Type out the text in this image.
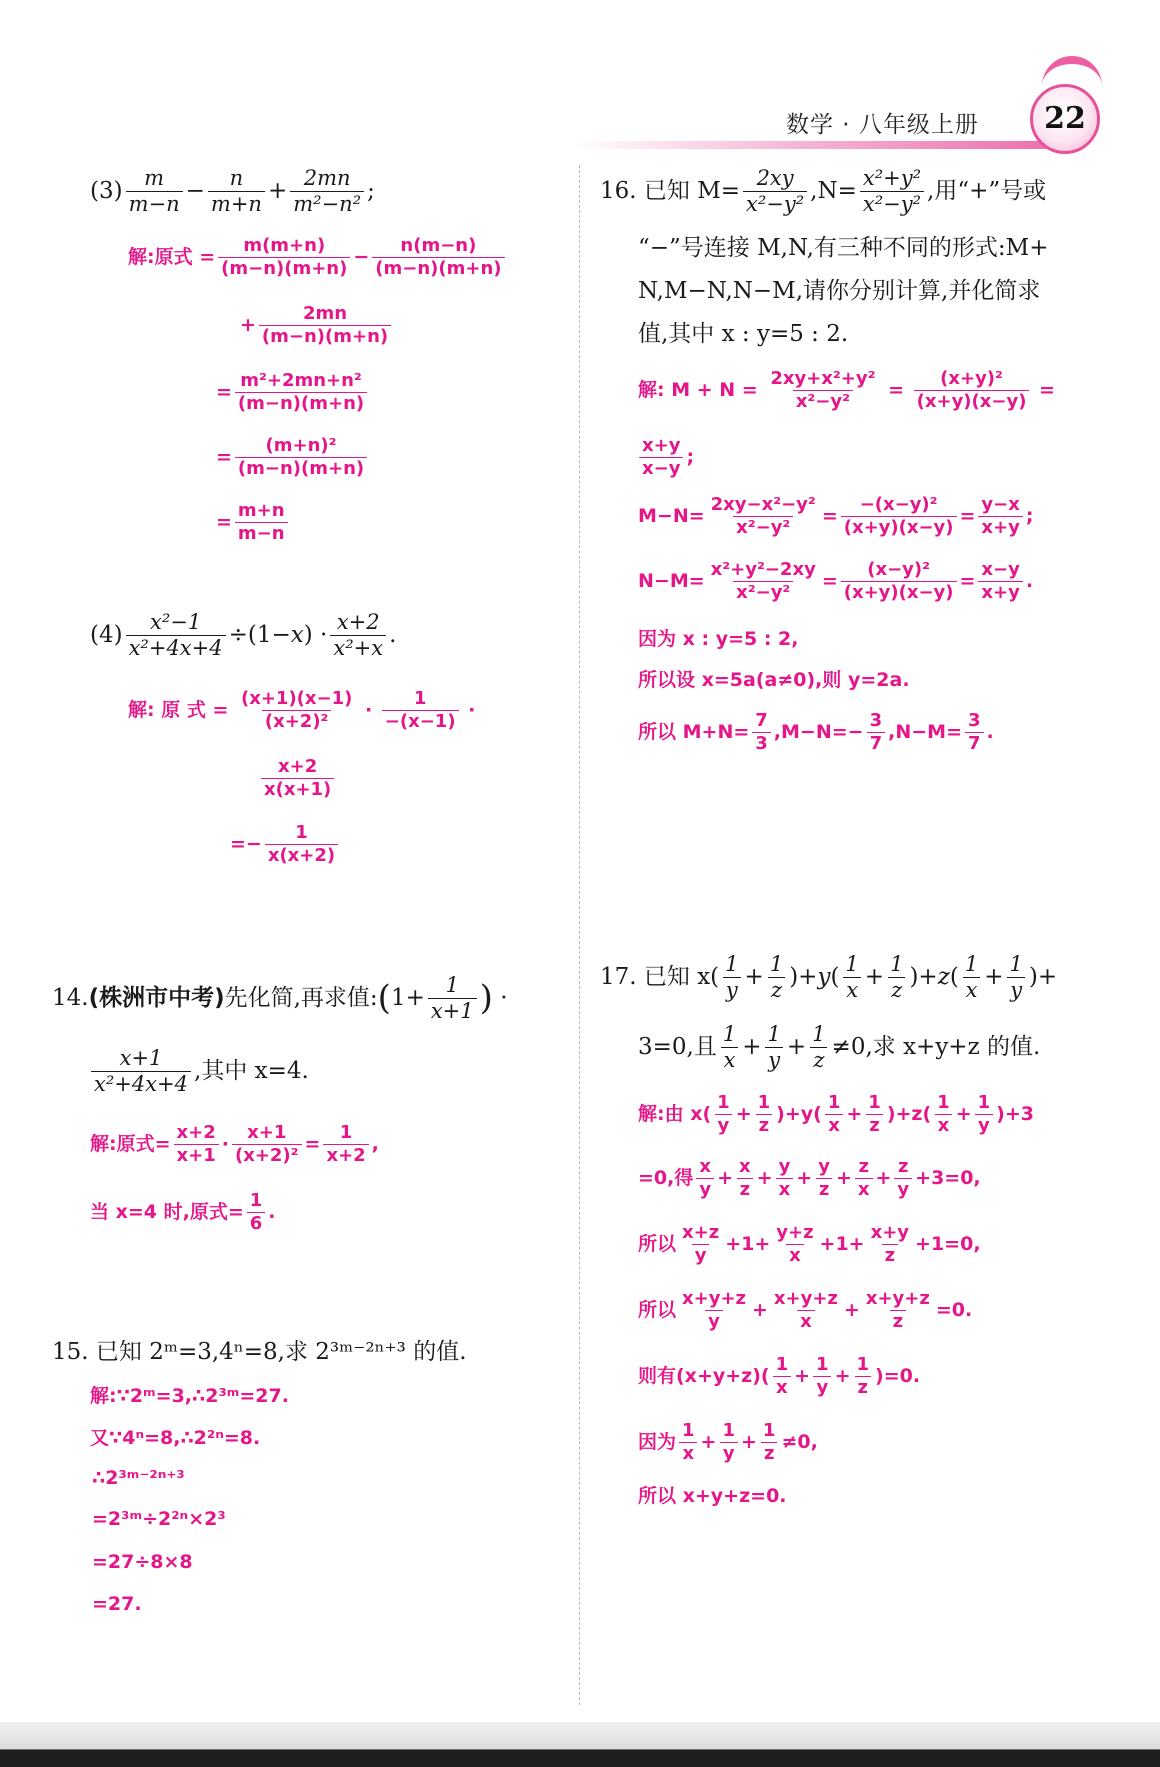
数学 · 八年级上册	22
$(3) \frac{m}{m-n} - \frac{n}{m+n} + \frac{2mn}{\text{m²−n²}}$ ;
解:原式 = $\frac{m(m+n)}{(m-n)(m+n)} - \frac{n(m-n)}{(m-n)(m+n)}$
+ $\frac{2mn}{(m-n)(m+n)}$
= $\frac{\text{m²+2mn+n²}}{(m-n)(m+n)}$
= $\frac{\text{(m+n)²}}{(m-n)(m+n)}$
= $\frac{m+n}{m-n}$
$(4) \frac{\text{x²−1}}{\text{x²+4x+4}} \div(1- x$ ) · $\frac{x+2}{\text{x²+x}}$ .
解: 原 式 =
$\frac{(x+1)(x-1)}{\text{(x+2)²}} \cdot \frac{1}{-(x-1)}$ ·
$\frac{x+2}{x(x+1)}$
=− $\frac{1}{x(x+2)}$
14. (株洲市中考) 先化简,再求值: ( $1+ \frac{1}{x+1}$ ) ·
$\frac{x+1}{\text{x²+4x+4}}$ ,其中 x=4.
解:原式= $\frac{x+2}{x+1} \cdot \frac{x+1}{\text{(x+2)²}} = \frac{1}{x+2}$ ,
当 x=4 时,原式= $\frac{1}{6}$ .
15. 已知 2ᵐ=3,4ⁿ=8,求 2³ᵐ⁻²ⁿ⁺³ 的值.
解:∵2ᵐ=3,∴2³ᵐ=27.
又∵4ⁿ=8,∴2²ⁿ=8.
∴2³ᵐ⁻²ⁿ⁺³
=2³ᵐ÷2²ⁿ×2³
=27÷8×8
=27.
16. 已知 $M= \frac{2xy}{\text{x²−y²}} ,N= \frac{\text{x²+y²}}{\text{x²−y²}}$ ,用“+”号或
“−”号连接 M,N,有三种不同的形式:M+
N,M−N,N−M,请你分别计算,并化简求
值,其中 x : y=5 : 2.
解: M + N =
$\frac{\text{2xy+x²+y²}}{\text{x²−y²}} = \frac{\text{(x+y)²}}{(x+y)(x-y)}$ =
$\frac{x+y}{x-y}$ ;
$M-N= \frac{\text{2xy−x²−y²}}{\text{x²−y²}} = \frac{\text{−(x−y)²}}{(x+y)(x-y)} = \frac{y-x}{x+y}$ ;
$N-M= \frac{\text{x²+y²−2xy}}{\text{x²−y²}} = \frac{\text{(x−y)²}}{(x+y)(x-y)} = \frac{x-y}{x+y}$ .
因为 x : y=5 : 2,
所以设 x=5a(a≠0),则 y=2a.
所以 $M+N= \frac{7}{3} ,M-N=- \frac{3}{7} ,N-M= \frac{3}{7}$ .
17. 已知 $x( \frac{1}{y} + \frac{1}{z}$ )+ y ( $\frac{1}{x} + \frac{1}{z}$ )+ z ( $\frac{1}{x} + \frac{1}{y}$ )+
3=0,且 $\frac{1}{x} + \frac{1}{y} + \frac{1}{z} \ne 0$,求 x+y+z 的值.
解:由 $x( \frac{1}{y} + \frac{1}{z} )+y( \frac{1}{x} + \frac{1}{z} )+z( \frac{1}{x} + \frac{1}{y} )+3$
=0,得 $\frac{x}{y} + \frac{x}{z} + \frac{y}{x} + \frac{y}{z} + \frac{z}{x} + \frac{z}{y} +3=0$,
所以 $\frac{x+z}{y} +1+ \frac{y+z}{x} +1+ \frac{x+y}{z} +1=0$,
所以 $\frac{x+y+z}{y} + \frac{x+y+z}{x} + \frac{x+y+z}{z} =0$.
则有$(x+y+z)( \frac{1}{x} + \frac{1}{y} + \frac{1}{z} )=0$.
因为 $\frac{1}{x} + \frac{1}{y} + \frac{1}{z} \ne 0$,
所以 x+y+z=0.
